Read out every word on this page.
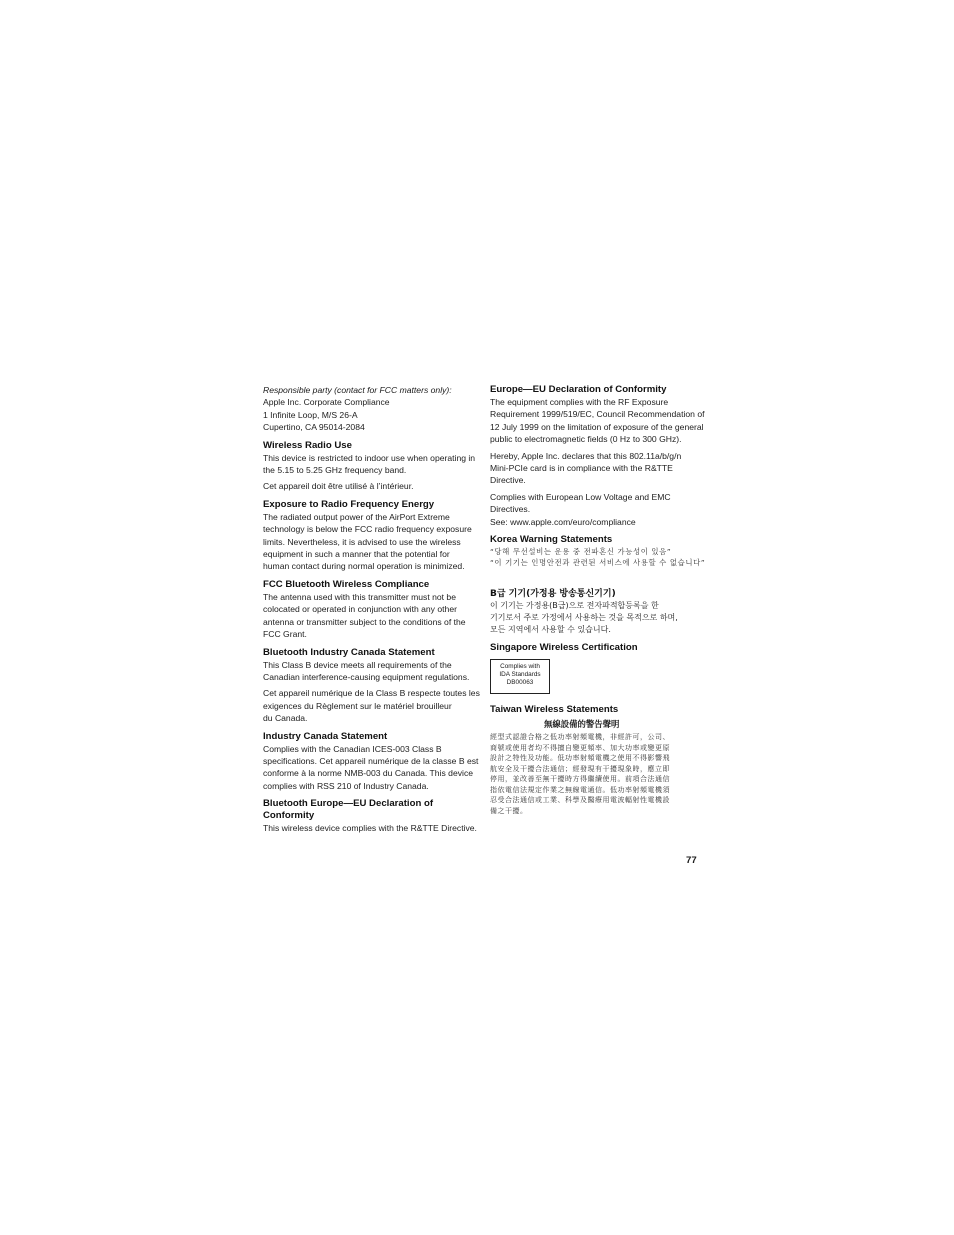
Responsible party (contact for FCC matters only):
Apple Inc. Corporate Compliance
1 Infinite Loop, M/S 26-A
Cupertino, CA 95014-2084
Wireless Radio Use
This device is restricted to indoor use when operating in
the 5.15 to 5.25 GHz frequency band.
Cet appareil doit être utilisé à l’intérieur.
Exposure to Radio Frequency Energy
The radiated output power of the AirPort Extreme
technology is below the FCC radio frequency exposure
limits. Nevertheless, it is advised to use the wireless
equipment in such a manner that the potential for
human contact during normal operation is minimized.
FCC Bluetooth Wireless Compliance
The antenna used with this transmitter must not be
colocated or operated in conjunction with any other
antenna or transmitter subject to the conditions of the
FCC Grant.
Bluetooth Industry Canada Statement
This Class B device meets all requirements of the
Canadian interference-causing equipment regulations.
Cet appareil numérique de la Class B respecte toutes les
exigences du Règlement sur le matériel brouilleur
du Canada.
Industry Canada Statement
Complies with the Canadian ICES-003 Class B
specifications. Cet appareil numérique de la classe B est
conforme à la norme NMB-003 du Canada. This device
complies with RSS 210 of Industry Canada.
Bluetooth Europe—EU Declaration of
Conformity
This wireless device complies with the R&TTE Directive.
Europe—EU Declaration of Conformity
The equipment complies with the RF Exposure
Requirement 1999/519/EC, Council Recommendation of
12 July 1999 on the limitation of exposure of the general
public to electromagnetic fields (0 Hz to 300 GHz).
Hereby, Apple Inc. declares that this 802.11a/b/g/n
Mini-PCIe card is in compliance with the R&TTE
Directive.
Complies with European Low Voltage and EMC
Directives.
See: www.apple.com/euro/compliance
Korea Warning Statements
“당해 무선설비는 운용 중 전파혼신 가능성이 있음”
“이 기기는 인명안전과 관련된 서비스에 사용할 수 없습니다”
B급 기기(가정용 방송통신기기)
이 기기는 가정용(B급)으로 전자파적합등록을 한
기기로서 주로 가정에서 사용하는 것을 목적으로 하며,
모든 지역에서 사용할 수 있습니다.
Singapore Wireless Certification
Complies with
IDA Standards
DB00063
Taiwan Wireless Statements
無線設備的警告聲明
經型式認證合格之低功率射頻電機，非經許可，公司、
商號或使用者均不得擅自變更頻率、加大功率或變更原
設計之特性及功能。低功率射頻電機之使用不得影響飛
航安全及干擾合法通信；經發現有干擾現象時，應立即
停用，並改善至無干擾時方得繼續使用。前項合法通信
指依電信法規定作業之無線電通信。低功率射頻電機須
忍受合法通信或工業、科學及醫療用電波輻射性電機設
備之干擾。
77
